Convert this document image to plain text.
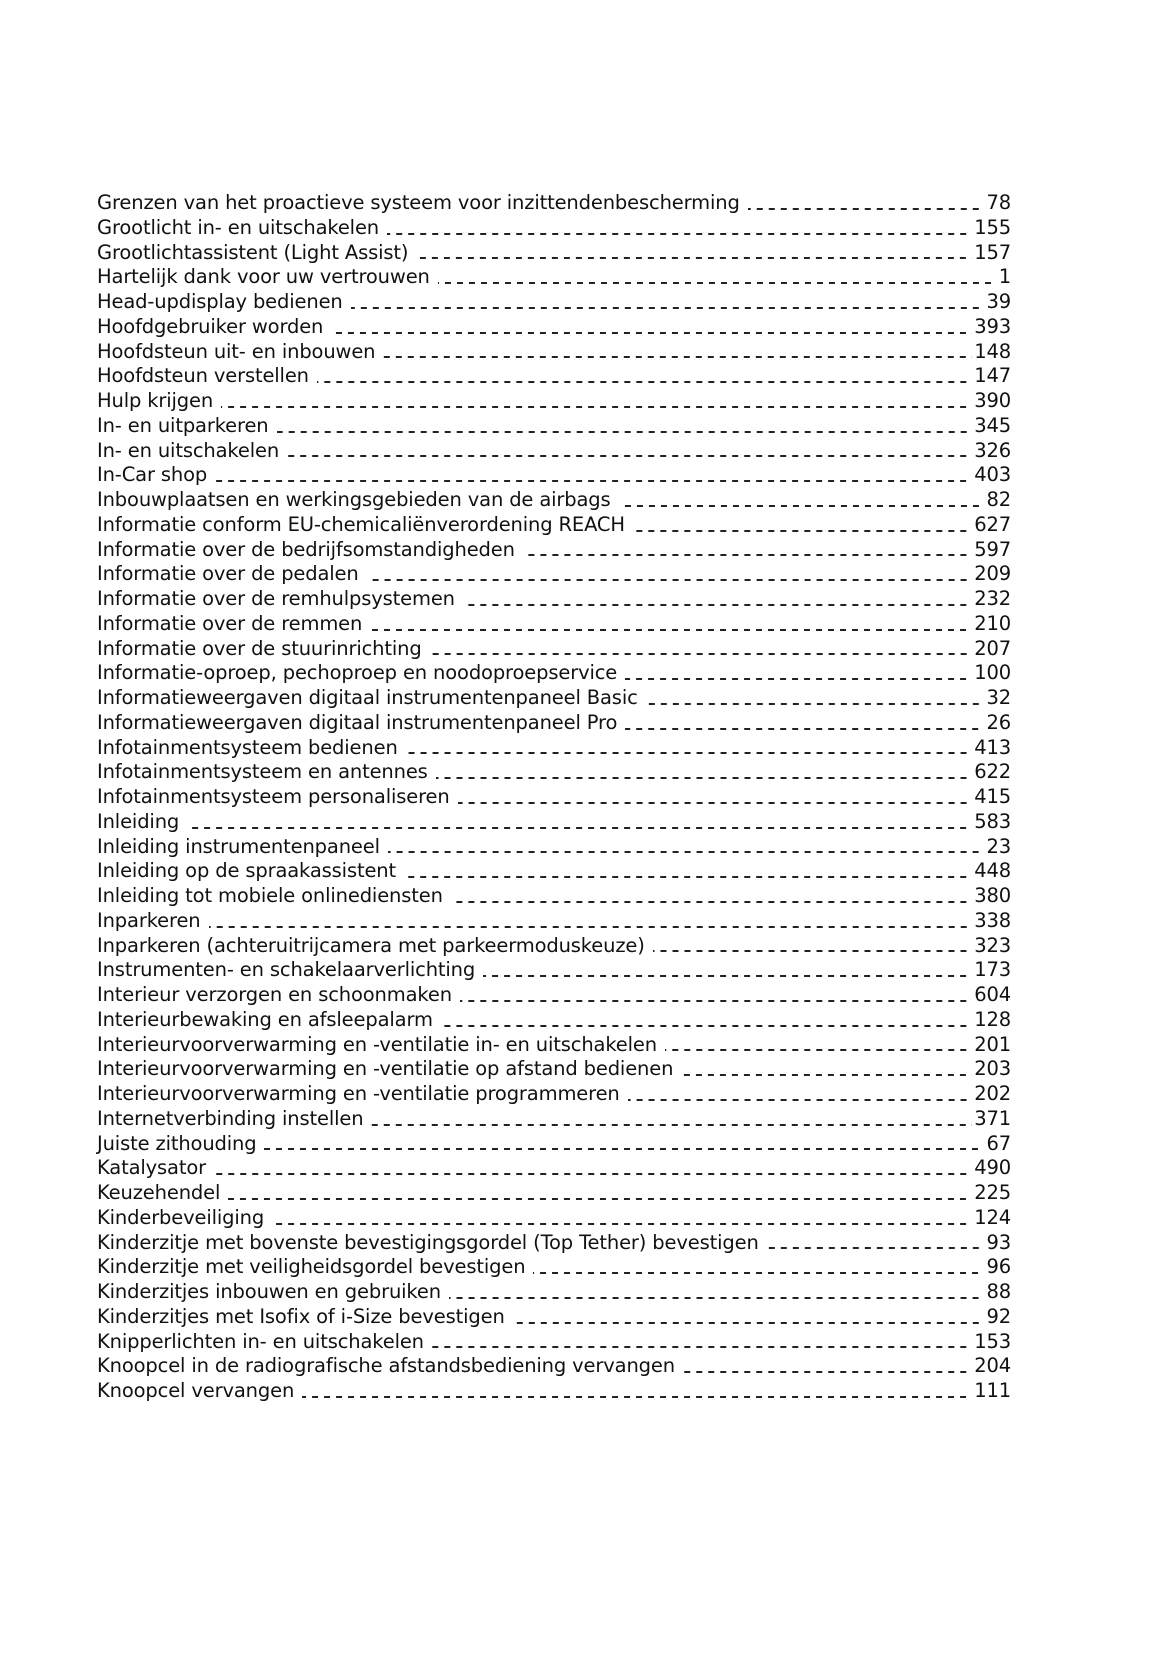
Grenzen van het proactieve systeem voor inzittendenbescherming	78
Grootlicht in- en uitschakelen	155
Grootlichtassistent (Light Assist)	157
Hartelijk dank voor uw vertrouwen	1
Head-updisplay bedienen	39
Hoofdgebruiker worden	393
Hoofdsteun uit- en inbouwen	148
Hoofdsteun verstellen	147
Hulp krijgen	390
In- en uitparkeren	345
In- en uitschakelen	326
In-Car shop	403
Inbouwplaatsen en werkingsgebieden van de airbags	82
Informatie conform EU-chemicaliënverordening REACH	627
Informatie over de bedrijfsomstandigheden	597
Informatie over de pedalen	209
Informatie over de remhulpsystemen	232
Informatie over de remmen	210
Informatie over de stuurinrichting	207
Informatie-oproep, pechoproep en noodoproepservice	100
Informatieweergaven digitaal instrumentenpaneel Basic	32
Informatieweergaven digitaal instrumentenpaneel Pro	26
Infotainmentsysteem bedienen	413
Infotainmentsysteem en antennes	622
Infotainmentsysteem personaliseren	415
Inleiding	583
Inleiding instrumentenpaneel	23
Inleiding op de spraakassistent	448
Inleiding tot mobiele onlinediensten	380
Inparkeren	338
Inparkeren (achteruitrijcamera met parkeermoduskeuze)	323
Instrumenten- en schakelaarverlichting	173
Interieur verzorgen en schoonmaken	604
Interieurbewaking en afsleepalarm	128
Interieurvoorverwarming en -ventilatie in- en uitschakelen	201
Interieurvoorverwarming en -ventilatie op afstand bedienen	203
Interieurvoorverwarming en -ventilatie programmeren	202
Internetverbinding instellen	371
Juiste zithouding	67
Katalysator	490
Keuzehendel	225
Kinderbeveiliging	124
Kinderzitje met bovenste bevestigingsgordel (Top Tether) bevestigen	93
Kinderzitje met veiligheidsgordel bevestigen	96
Kinderzitjes inbouwen en gebruiken	88
Kinderzitjes met Isofix of i-Size bevestigen	92
Knipperlichten in- en uitschakelen	153
Knoopcel in de radiografische afstandsbediening vervangen	204
Knoopcel vervangen	111
